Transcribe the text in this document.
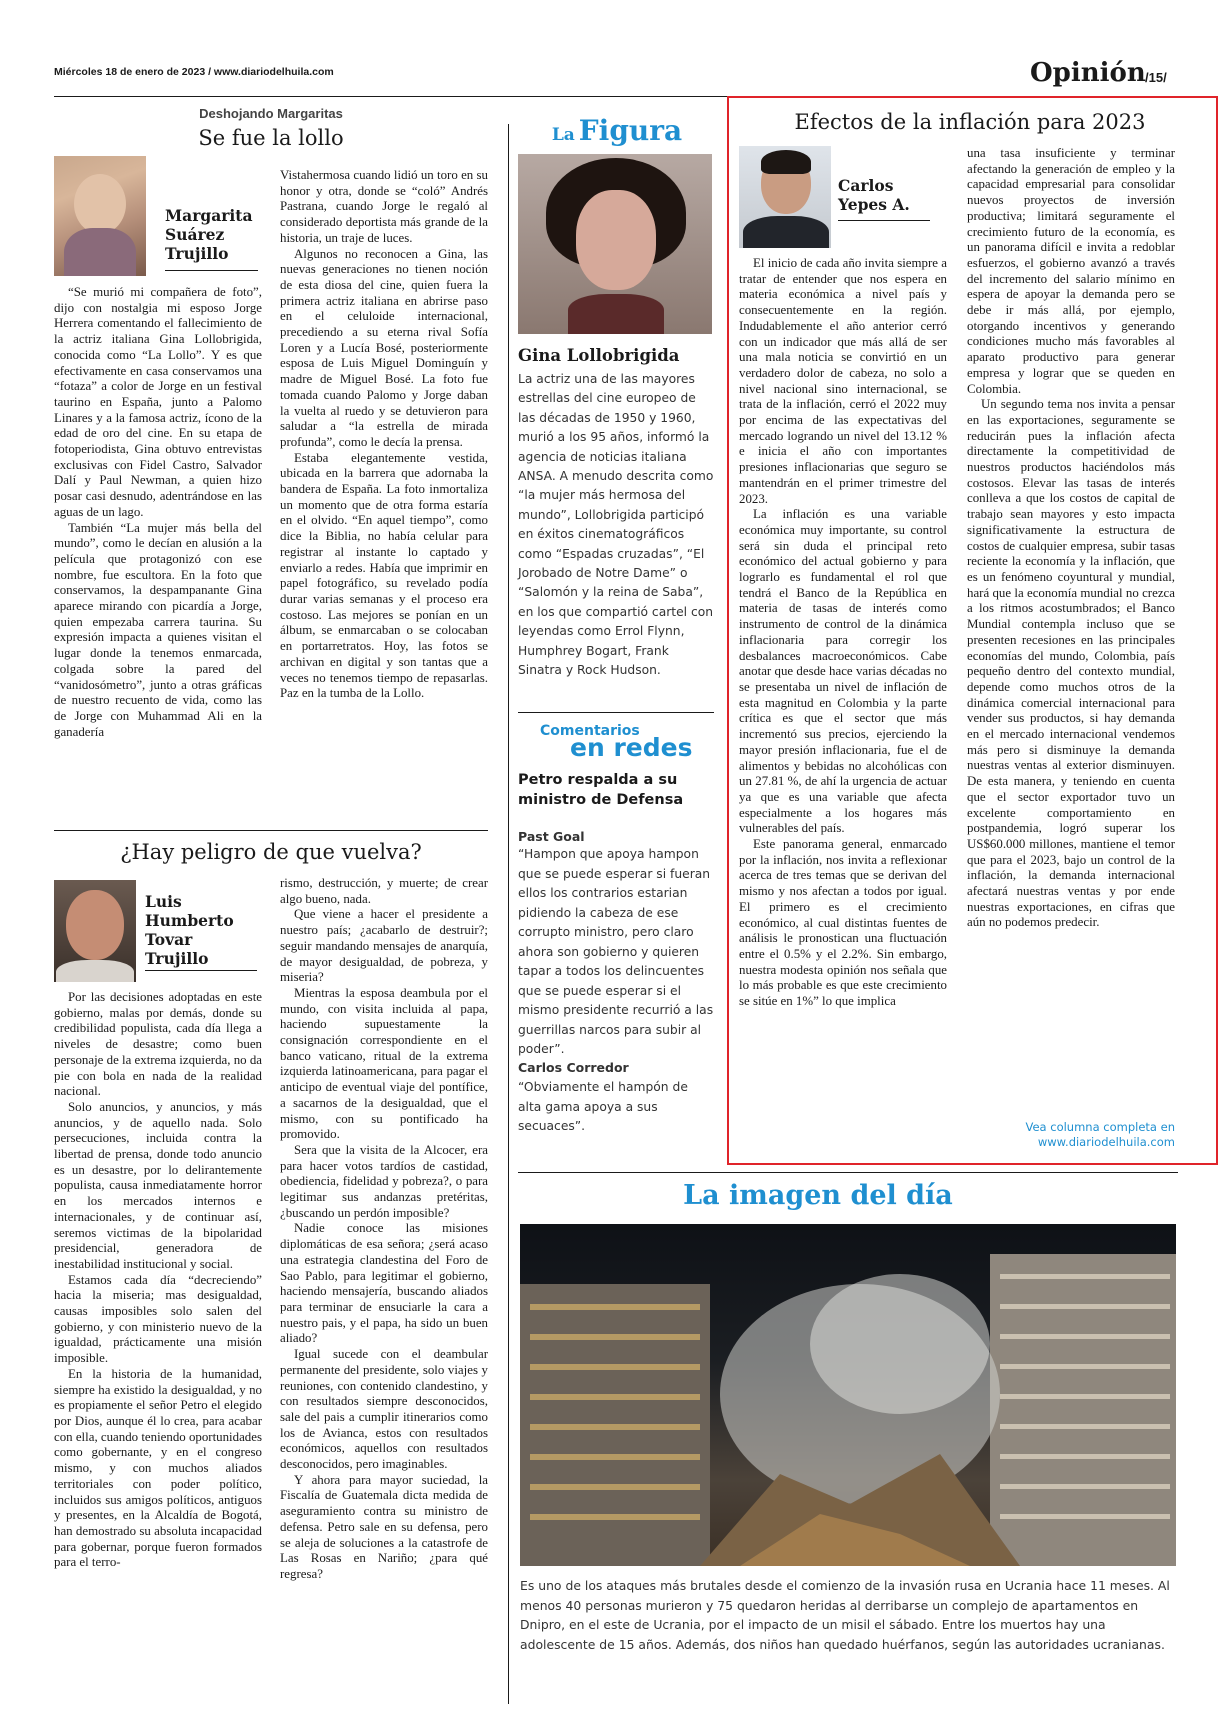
Miércoles 18 de enero de 2023 / www.diariodelhuila.com	Opinión /15/
Deshojando Margaritas
Se fue la lollo
Margarita
Suárez
Trujillo

“Se murió mi compañera de foto”, dijo con nostalgia mi esposo Jorge Herrera comentando el fallecimiento de la actriz italiana Gina Lollobrigida, conocida como “La Lollo”. Y es que efectivamente en casa conservamos una “fotaza” a color de Jorge en un festival taurino en España, junto a Palomo Linares y a la famosa actriz, ícono de la edad de oro del cine. En su etapa de fotoperiodista, Gina obtuvo entrevistas exclusivas con Fidel Castro, Salvador Dalí y Paul Newman, a quien hizo posar casi desnudo, adentrándose en las aguas de un lago.

También “La mujer más bella del mundo”, como le decían en alusión a la película que protagonizó con ese nombre, fue escultora. En la foto que conservamos, la despampanante Gina aparece mirando con picardía a Jorge, quien empezaba carrera taurina. Su expresión impacta a quienes visitan el lugar donde la tenemos enmarcada, colgada sobre la pared del “vanidosómetro”, junto a otras gráficas de nuestro recuento de vida, como las de Jorge con Muhammad Ali en la ganadería

Vistahermosa cuando lidió un toro en su honor y otra, donde se “coló” Andrés Pastrana, cuando Jorge le regaló al considerado deportista más grande de la historia, un traje de luces.

Algunos no reconocen a Gina, las nuevas generaciones no tienen noción de esta diosa del cine, quien fuera la primera actriz italiana en abrirse paso en el celuloide internacional, precediendo a su eterna rival Sofía Loren y a Lucía Bosé, posteriormente esposa de Luis Miguel Dominguín y madre de Miguel Bosé. La foto fue tomada cuando Palomo y Jorge daban la vuelta al ruedo y se detuvieron para saludar a “la estrella de mirada profunda”, como le decía la prensa.

Estaba elegantemente vestida, ubicada en la barrera que adornaba la bandera de España. La foto inmortaliza un momento que de otra forma estaría en el olvido. “En aquel tiempo”, como dice la Biblia, no había celular para registrar al instante lo captado y enviarlo a redes. Había que imprimir en papel fotográfico, su revelado podía durar varias semanas y el proceso era costoso. Las mejores se ponían en un álbum, se enmarcaban o se colocaban en portarretratos. Hoy, las fotos se archivan en digital y son tantas que a veces no tenemos tiempo de repasarlas. Paz en la tumba de la Lollo.

La Figura
Gina Lollobrigida
La actriz una de las mayores estrellas del cine europeo de las décadas de 1950 y 1960, murió a los 95 años, informó la agencia de noticias italiana ANSA. A menudo descrita como “la mujer más hermosa del mundo”, Lollobrigida participó en éxitos cinematográficos como “Espadas cruzadas”, “El Jorobado de Notre Dame” o “Salomón y la reina de Saba”, en los que compartió cartel con leyendas como Errol Flynn, Humphrey Bogart, Frank Sinatra y Rock Hudson.
Comentarios
en redes
Petro respalda a su ministro de Defensa
Past Goal
“Hampon que apoya hampon que se puede esperar si fueran ellos los contrarios estarian pidiendo la cabeza de ese corrupto ministro, pero claro ahora son gobierno y quieren tapar a todos los delincuentes que se puede esperar si el mismo presidente recurrió a las guerrillas narcos para subir al poder”.
Carlos Corredor
“Obviamente el hampón de alta gama apoya a sus secuaces”.
Efectos de la inflación para 2023
Carlos
Yepes A.

El inicio de cada año invita siempre a tratar de entender que nos espera en materia económica a nivel país y consecuentemente en la región. Indudablemente el año anterior cerró con un indicador que más allá de ser una mala noticia se convirtió en un verdadero dolor de cabeza, no solo a nivel nacional sino internacional, se trata de la inflación, cerró el 2022 muy por encima de las expectativas del mercado logrando un nivel del 13.12 % e inicia el año con importantes presiones inflacionarias que seguro se mantendrán en el primer trimestre del 2023.

La inflación es una variable económica muy importante, su control será sin duda el principal reto económico del actual gobierno y para lograrlo es fundamental el rol que tendrá el Banco de la República en materia de tasas de interés como instrumento de control de la dinámica inflacionaria para corregir los desbalances macroeconómicos. Cabe anotar que desde hace varias décadas no se presentaba un nivel de inflación de esta magnitud en Colombia y la parte crítica es que el sector que más incrementó sus precios, ejerciendo la mayor presión inflacionaria, fue el de alimentos y bebidas no alcohólicas con un 27.81 %, de ahí la urgencia de actuar ya que es una variable que afecta especialmente a los hogares más vulnerables del país.

Este panorama general, enmarcado por la inflación, nos invita a reflexionar acerca de tres temas que se derivan del mismo y nos afectan a todos por igual. El primero es el crecimiento económico, al cual distintas fuentes de análisis le pronostican una fluctuación entre el 0.5% y el 2.2%. Sin embargo, nuestra modesta opinión nos señala que lo más probable es que este crecimiento se sitúe en 1%” lo que implica

una tasa insuficiente y terminar afectando la generación de empleo y la capacidad empresarial para consolidar nuevos proyectos de inversión productiva; limitará seguramente el crecimiento futuro de la economía, es un panorama difícil e invita a redoblar esfuerzos, el gobierno avanzó a través del incremento del salario mínimo en espera de apoyar la demanda pero se debe ir más allá, por ejemplo, otorgando incentivos y generando condiciones mucho más favorables al aparato productivo para generar empresa y lograr que se queden en Colombia.

Un segundo tema nos invita a pensar en las exportaciones, seguramente se reducirán pues la inflación afecta directamente la competitividad de nuestros productos haciéndolos más costosos. Elevar las tasas de interés conlleva a que los costos de capital de trabajo sean mayores y esto impacta significativamente la estructura de costos de cualquier empresa, subir tasas reciente la economía y la inflación, que es un fenómeno coyuntural y mundial, hará que la economía mundial no crezca a los ritmos acostumbrados; el Banco Mundial contempla incluso que se presenten recesiones en las principales economías del mundo, Colombia, país pequeño dentro del contexto mundial, depende como muchos otros de la dinámica comercial internacional para vender sus productos, si hay demanda en el mercado internacional vendemos más pero si disminuye la demanda nuestras ventas al exterior disminuyen. De esta manera, y teniendo en cuenta que el sector exportador tuvo un excelente comportamiento en postpandemia, logró superar los US$60.000 millones, mantiene el temor que para el 2023, bajo un control de la inflación, la demanda internacional afectará nuestras ventas y por ende nuestras exportaciones, en cifras que aún no podemos predecir.

Vea columna completa en
www.diariodelhuila.com
¿Hay peligro de que vuelva?
Luis
Humberto
Tovar
Trujillo

Por las decisiones adoptadas en este gobierno, malas por demás, donde su credibilidad populista, cada día llega a niveles de desastre; como buen personaje de la extrema izquierda, no da pie con bola en nada de la realidad nacional.

Solo anuncios, y anuncios, y más anuncios, y de aquello nada. Solo persecuciones, incluida contra la libertad de prensa, donde todo anuncio es un desastre, por lo delirantemente populista, causa inmediatamente horror en los mercados internos e internacionales, y de continuar así, seremos victimas de la bipolaridad presidencial, generadora de inestabilidad institucional y social.

Estamos cada día “decreciendo” hacia la miseria; mas desigualdad, causas imposibles solo salen del gobierno, y con ministerio nuevo de la igualdad, prácticamente una misión imposible.

En la historia de la humanidad, siempre ha existido la desigualdad, y no es propiamente el señor Petro el elegido por Dios, aunque él lo crea, para acabar con ella, cuando teniendo oportunidades como gobernante, y en el congreso mismo, y con muchos aliados territoriales con poder político, incluidos sus amigos políticos, antiguos y presentes, en la Alcaldía de Bogotá, han demostrado su absoluta incapacidad para gobernar, porque fueron formados para el terro-

rismo, destrucción, y muerte; de crear algo bueno, nada.

Que viene a hacer el presidente a nuestro país; ¿acabarlo de destruir?; seguir mandando mensajes de anarquía, de mayor desigualdad, de pobreza, y miseria?

Mientras la esposa deambula por el mundo, con visita incluida al papa, haciendo supuestamente la consignación correspondiente en el banco vaticano, ritual de la extrema izquierda latinoamericana, para pagar el anticipo de eventual viaje del pontífice, a sacarnos de la desigualdad, que el mismo, con su pontificado ha promovido.

Sera que la visita de la Alcocer, era para hacer votos tardíos de castidad, obediencia, fidelidad y pobreza?, o para legitimar sus andanzas pretéritas, ¿buscando un perdón imposible?

Nadie conoce las misiones diplomáticas de esa señora; ¿será acaso una estrategia clandestina del Foro de Sao Pablo, para legitimar el gobierno, haciendo mensajería, buscando aliados para terminar de ensuciarle la cara a nuestro pais, y el papa, ha sido un buen aliado?

Igual sucede con el deambular permanente del presidente, solo viajes y reuniones, con contenido clandestino, y con resultados siempre desconocidos, sale del pais a cumplir itinerarios como los de Avianca, estos con resultados económicos, aquellos con resultados desconocidos, pero imaginables.

Y ahora para mayor suciedad, la Fiscalía de Guatemala dicta medida de aseguramiento contra su ministro de defensa. Petro sale en su defensa, pero se aleja de soluciones a la catastrofe de Las Rosas en Nariño; ¿para qué regresa?

La imagen del día
Es uno de los ataques más brutales desde el comienzo de la invasión rusa en Ucrania hace 11 meses. Al menos 40 personas murieron y 75 quedaron heridas al derribarse un complejo de apartamentos en Dnipro, en el este de Ucrania, por el impacto de un misil el sábado. Entre los muertos hay una adolescente de 15 años. Además, dos niños han quedado huérfanos, según las autoridades ucranianas.
